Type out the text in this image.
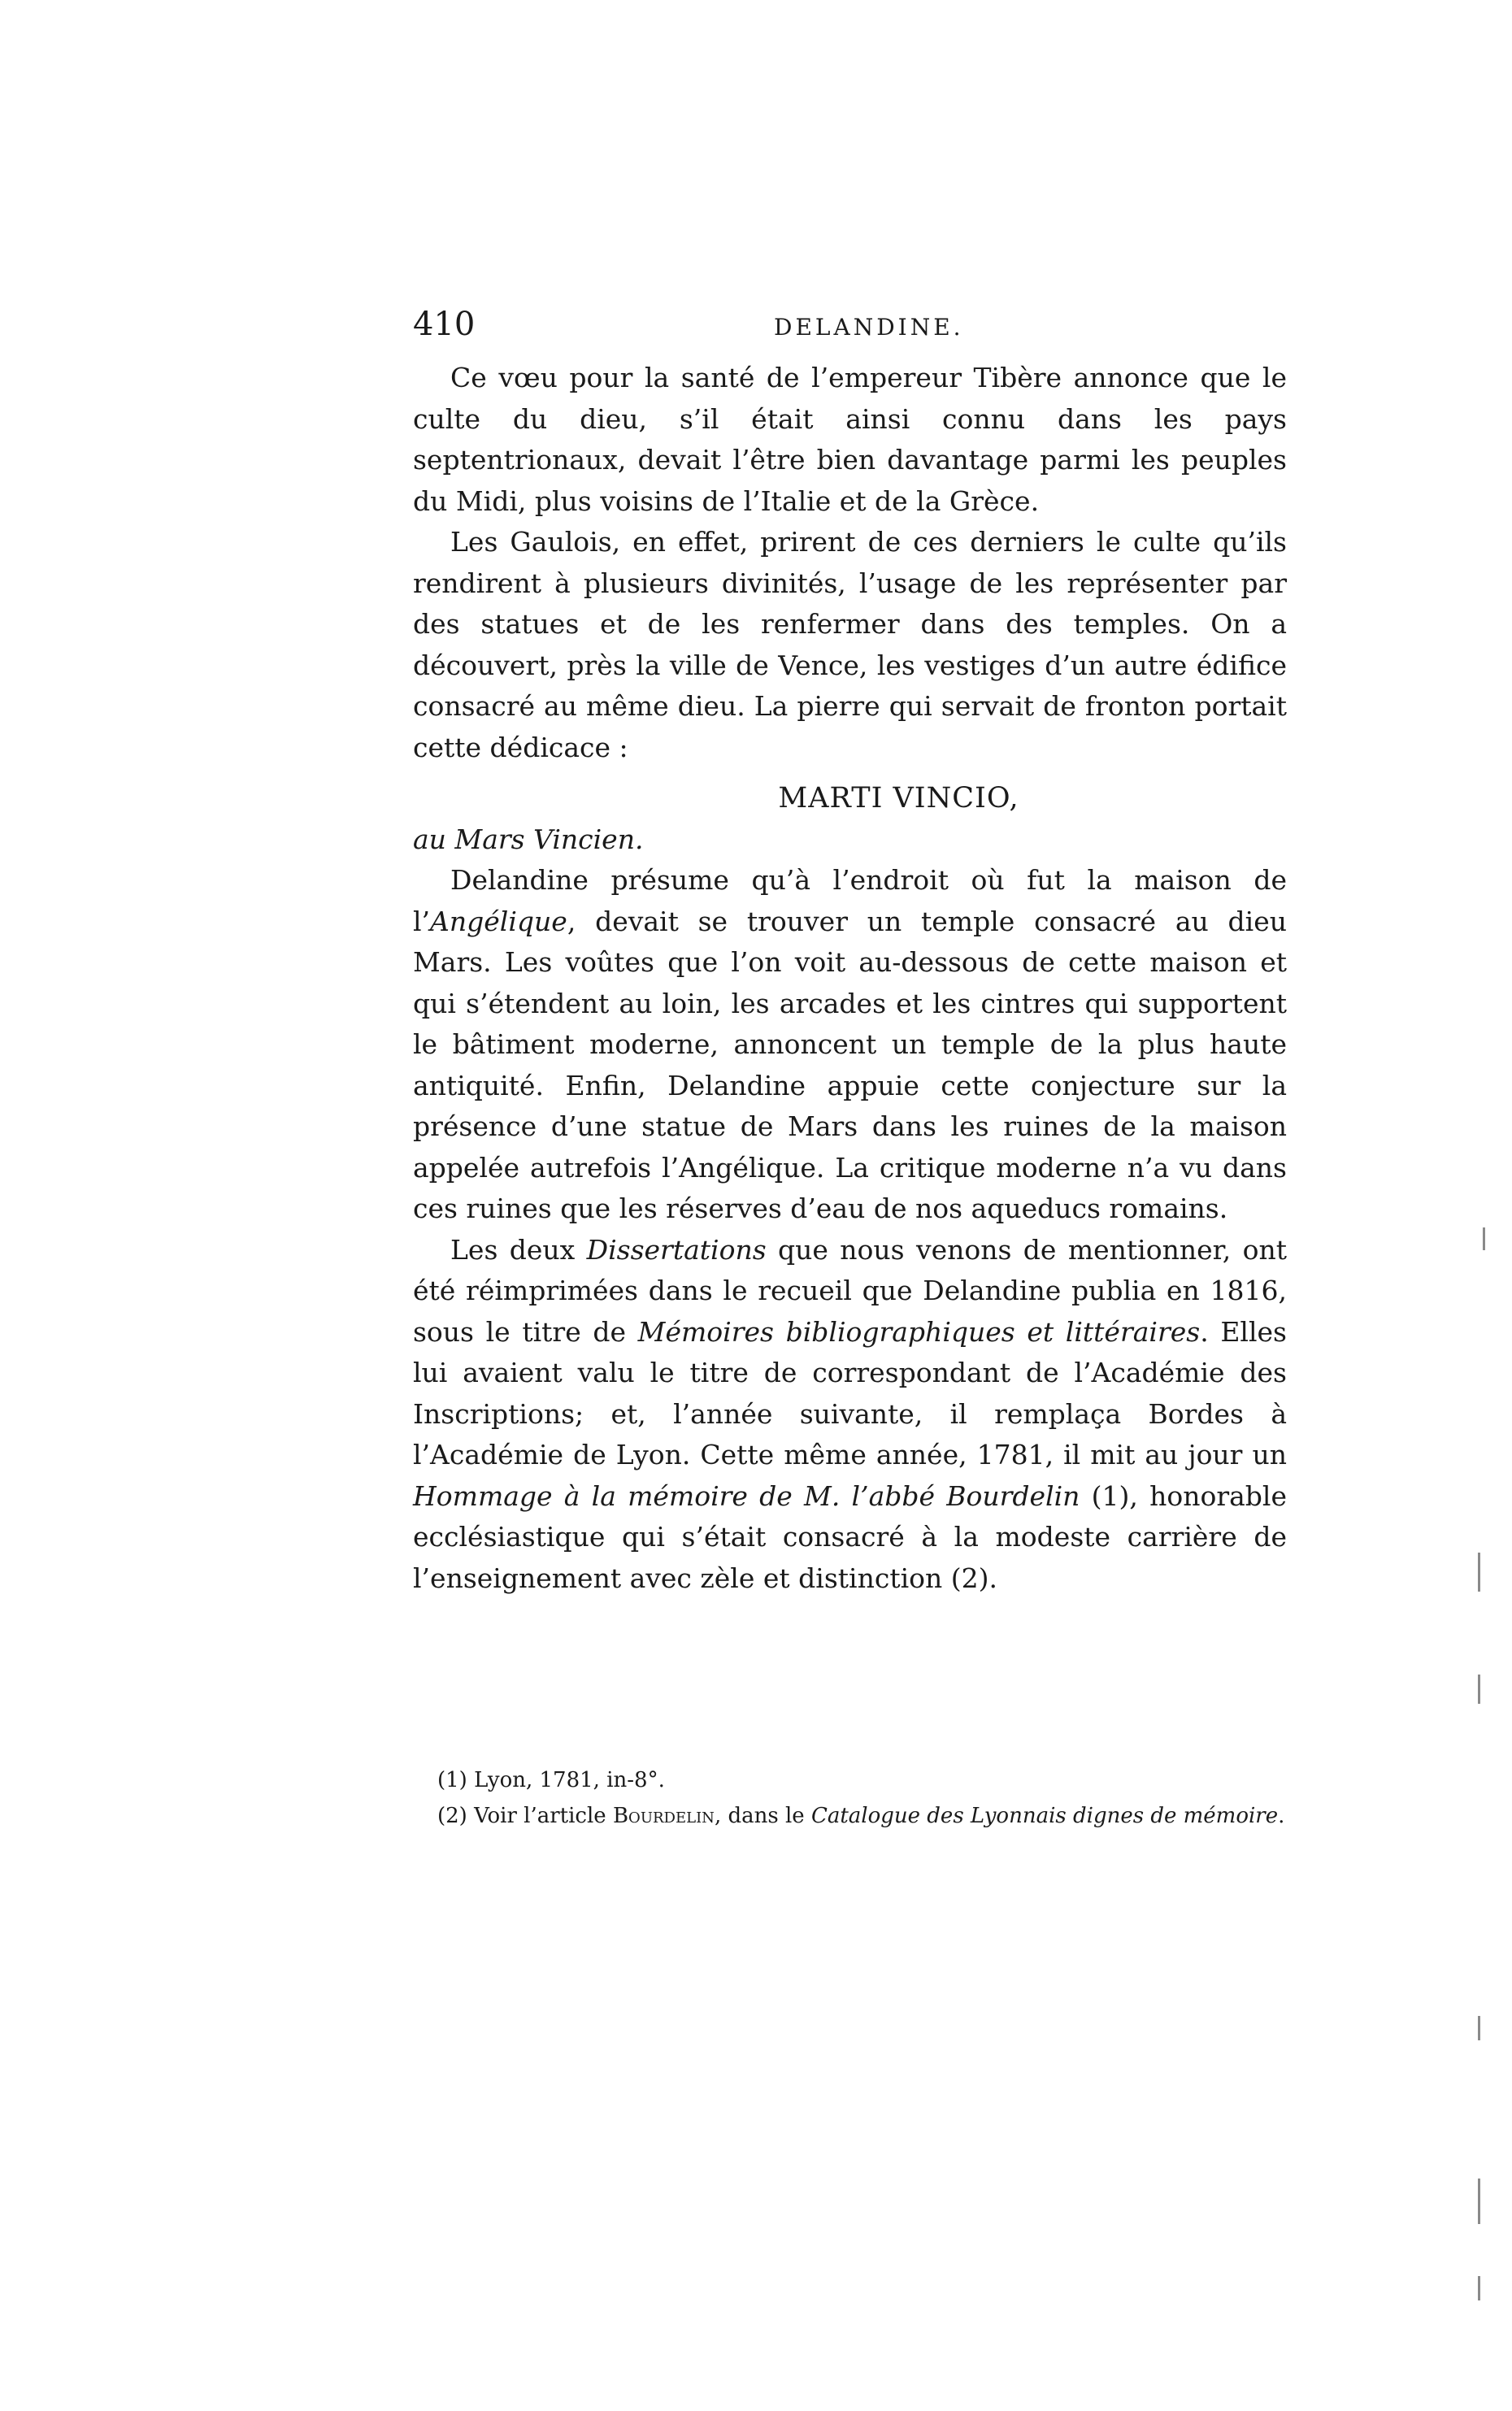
410	DELANDINE.

Ce vœu pour la santé de l’empereur Tibère annonce que le culte du dieu, s’il était ainsi connu dans les pays septentrionaux, devait l’être bien davantage parmi les peuples du Midi, plus voisins de l’Italie et de la Grèce.

Les Gaulois, en effet, prirent de ces derniers le culte qu’ils rendirent à plusieurs divinités, l’usage de les représenter par des statues et de les renfermer dans des temples. On a découvert, près la ville de Vence, les vestiges d’un autre édifice consacré au même dieu. La pierre qui servait de fronton portait cette dédicace :

MARTI VINCIO,

au Mars Vincien.

Delandine présume qu’à l’endroit où fut la maison de l’Angélique, devait se trouver un temple consacré au dieu Mars. Les voûtes que l’on voit au-dessous de cette maison et qui s’étendent au loin, les arcades et les cintres qui supportent le bâtiment moderne, annoncent un temple de la plus haute antiquité. Enfin, Delandine appuie cette conjecture sur la présence d’une statue de Mars dans les ruines de la maison appelée autrefois l’Angélique. La critique moderne n’a vu dans ces ruines que les réserves d’eau de nos aqueducs romains.

Les deux Dissertations que nous venons de mentionner, ont été réimprimées dans le recueil que Delandine publia en 1816, sous le titre de Mémoires bibliographiques et littéraires. Elles lui avaient valu le titre de correspondant de l’Académie des Inscriptions; et, l’année suivante, il remplaça Bordes à l’Académie de Lyon. Cette même année, 1781, il mit au jour un Hommage à la mémoire de M. l’abbé Bourdelin (1), honorable ecclésiastique qui s’était consacré à la modeste carrière de l’enseignement avec zèle et distinction (2).

(1) Lyon, 1781, in-8°.

(2) Voir l’article Bourdelin, dans le Catalogue des Lyonnais dignes de mémoire.
